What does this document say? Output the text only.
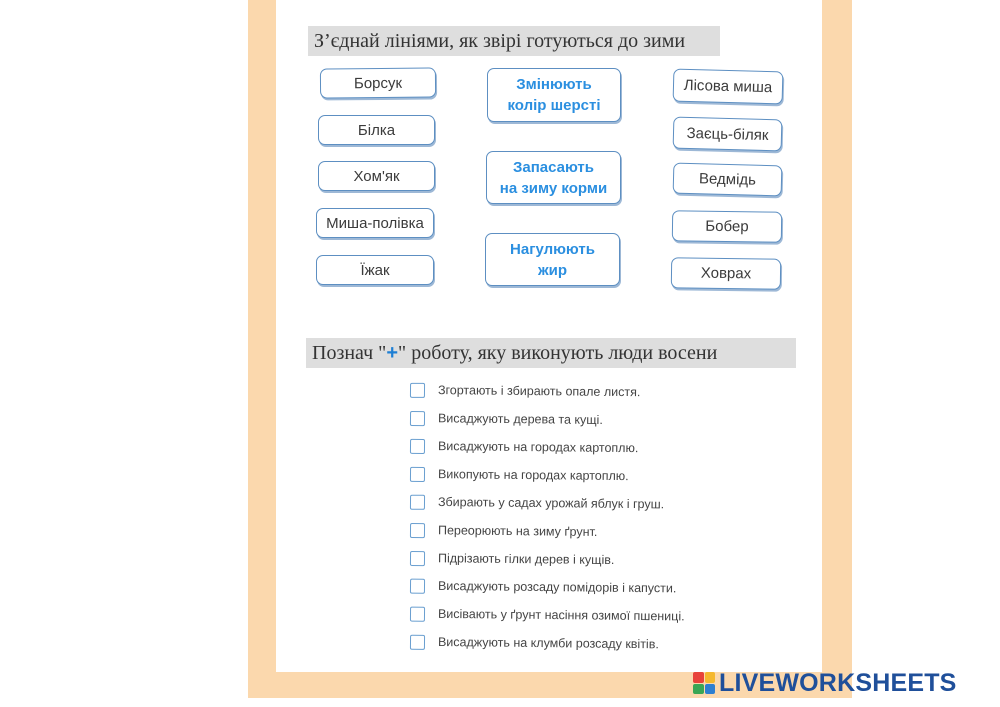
З’єднай лініями, як звірі готуються до зими
Борсук
Білка
Хом'як
Миша-полівка
Їжак
Змінюють
колір шерсті
Запасають
на зиму корми
Нагулюють
жир
Лісова миша
Заєць-біляк
Ведмідь
Бобер
Ховрах
Познач "+" роботу, яку виконують люди восени
Згортають і збирають опале листя.
Висаджують дерева та кущі.
Висаджують на городах картоплю.
Викопують на городах картоплю.
Збирають у садах урожай яблук і груш.
Переорюють на зиму ґрунт.
Підрізають гілки дерев і кущів.
Висаджують розсаду помідорів і капусти.
Висівають у ґрунт насіння озимої пшениці.
Висаджують на клумби розсаду квітів.
LIVEWORKSHEETS
